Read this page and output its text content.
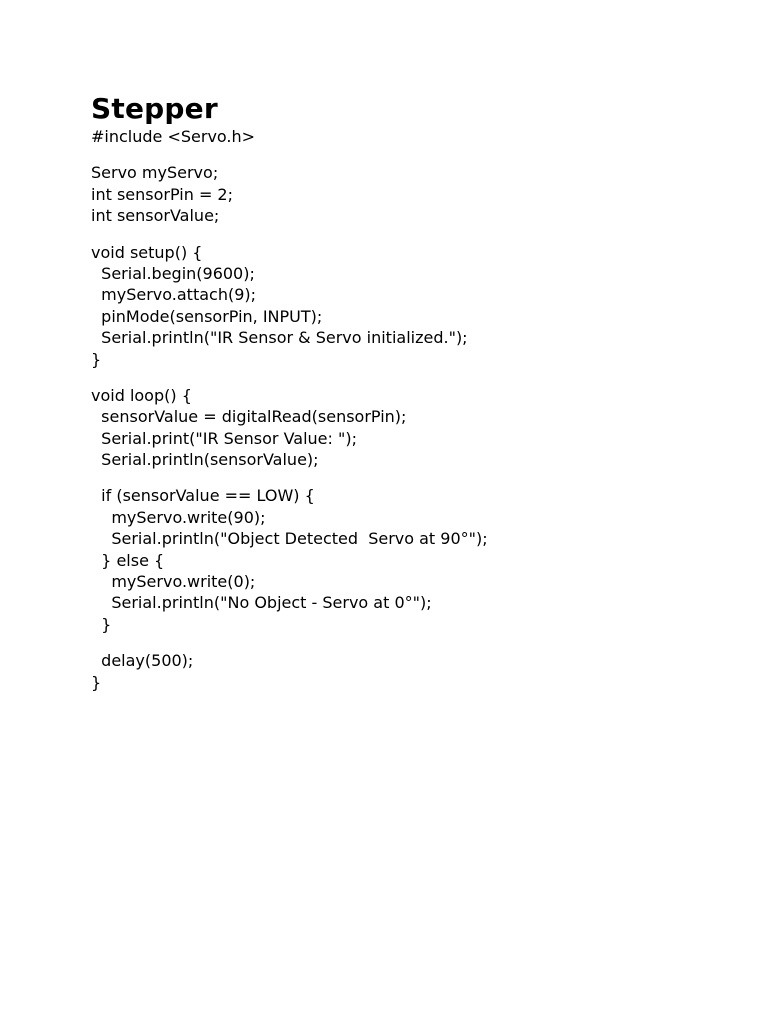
Stepper

#include <Servo.h>

Servo myServo;

int sensorPin = 2;

int sensorValue;

void setup() {

Serial.begin(9600);

myServo.attach(9);

pinMode(sensorPin, INPUT);

Serial.println("IR Sensor & Servo initialized.");

}

void loop() {

sensorValue = digitalRead(sensorPin);

Serial.print("IR Sensor Value: ");

Serial.println(sensorValue);

if (sensorValue == LOW) {

myServo.write(90);

Serial.println("Object Detected  Servo at 90°");

} else {

myServo.write(0);

Serial.println("No Object - Servo at 0°");

}

delay(500);

}
